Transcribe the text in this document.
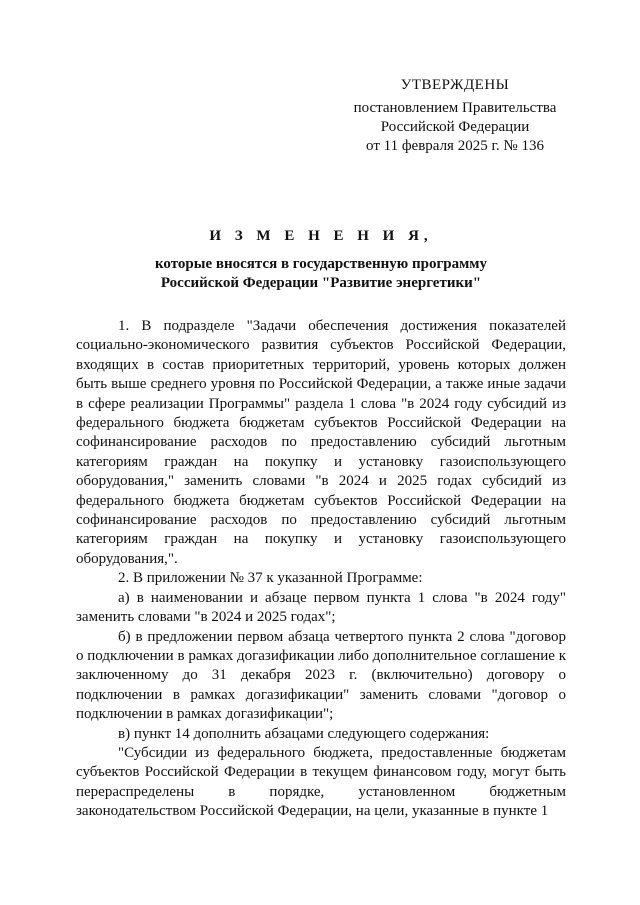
УТВЕРЖДЕНЫ
постановлением Правительства
Российской Федерации
от 11 февраля 2025 г. № 136
И З М Е Н Е Н И Я,
которые вносятся в государственную программу
Российской Федерации "Развитие энергетики"

1. В подразделе "Задачи обеспечения достижения показателей социально-экономического развития субъектов Российской Федерации, входящих в состав приоритетных территорий, уровень которых должен быть выше среднего уровня по Российской Федерации, а также иные задачи в сфере реализации Программы" раздела 1 слова "в 2024 году субсидий из федерального бюджета бюджетам субъектов Российской Федерации на софинансирование расходов по предоставлению субсидий льготным категориям граждан на покупку и установку газоиспользующего оборудования," заменить словами "в 2024 и 2025 годах субсидий из федерального бюджета бюджетам субъектов Российской Федерации на софинансирование расходов по предоставлению субсидий льготным категориям граждан на покупку и установку газоиспользующего оборудования,".

2. В приложении № 37 к указанной Программе:

а) в наименовании и абзаце первом пункта 1 слова "в 2024 году" заменить словами "в 2024 и 2025 годах";

б) в предложении первом абзаца четвертого пункта 2 слова "договор о подключении в рамках догазификации либо дополнительное соглашение к заключенному до 31 декабря 2023 г. (включительно) договору о подключении в рамках догазификации" заменить словами "договор о подключении в рамках догазификации";

в) пункт 14 дополнить абзацами следующего содержания:

"Субсидии из федерального бюджета, предоставленные бюджетам субъектов Российской Федерации в текущем финансовом году, могут быть перераспределены в порядке, установленном бюджетным законодательством Российской Федерации, на цели, указанные в пункте 1
